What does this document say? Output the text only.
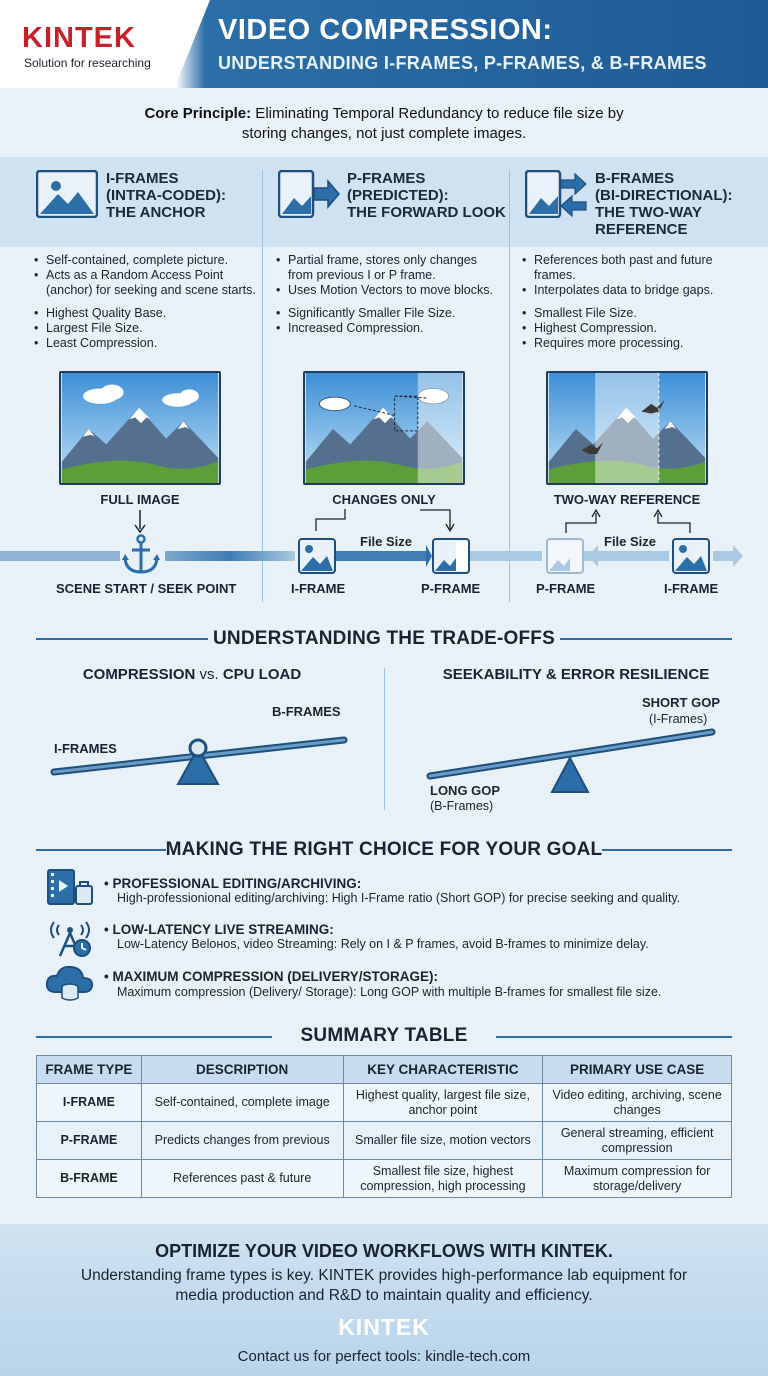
KINTEK
Solution for researching
VIDEO COMPRESSION:
UNDERSTANDING I-FRAMES, P-FRAMES, & B-FRAMES
Core Principle: Eliminating Temporal Redundancy to reduce file size by
storing changes, not just complete images.
I-FRAMES
(INTRA-CODED):
THE ANCHOR
• Self-contained, complete picture.
• Acts as a Random Access Point (anchor) for seeking and scene starts.
• Highest Quality Base.
• Largest File Size.
• Least Compression.
FULL IMAGE
P-FRAMES
(PREDICTED):
THE FORWARD LOOK
• Partial frame, stores only changes from previous I or P frame.
• Uses Motion Vectors to move blocks.
• Significantly Smaller File Size.
• Increased Compression.
CHANGES ONLY
B-FRAMES
(BI-DIRECTIONAL):
THE TWO-WAY
REFERENCE
• References both past and future frames.
• Interpolates data to bridge gaps.
• Smallest File Size.
• Highest Compression.
• Requires more processing.
TWO-WAY REFERENCE
File Size	File Size
SCENE START / SEEK POINT	I-FRAME	P-FRAME	P-FRAME	I-FRAME
UNDERSTANDING THE TRADE-OFFS
COMPRESSION vs. CPU LOAD	SEEKABILITY & ERROR RESILIENCE
I-FRAMES
B-FRAMES
SHORT GOP
(I-Frames)
LONG GOP
(B-Frames)
MAKING THE RIGHT CHOICE FOR YOUR GOAL
• PROFESSIONAL EDITING/ARCHIVING:
High-professionional editing/archiving: High I-Frame ratio (Short GOP) for precise seeking and quality.
• LOW-LATENCY LIVE STREAMING:
Low-Latency Beloнos, video Streaming: Rely on I & P frames, avoid B-frames to minimize delay.
• MAXIMUM COMPRESSION (DELIVERY/STORAGE):
Maximum compression (Delivery/ Storage): Long GOP with multiple B-frames for smallest file size.
SUMMARY TABLE
FRAME TYPE	DESCRIPTION	KEY CHARACTERISTIC	PRIMARY USE CASE
I-FRAME	Self-contained, complete image	Highest quality, largest file size, anchor point	Video editing, archiving, scene changes
P-FRAME	Predicts changes from previous	Smaller file size, motion vectors	General streaming, efficient compression
B-FRAME	References past & future	Smallest file size, highest compression, high processing	Maximum compression for storage/delivery
OPTIMIZE YOUR VIDEO WORKFLOWS WITH KINTEK.
Understanding frame types is key. KINTEK provides high-performance lab equipment for media production and R&D to maintain quality and efficiency.
KINTEK
Contact us for perfect tools: kindle-tech.com
